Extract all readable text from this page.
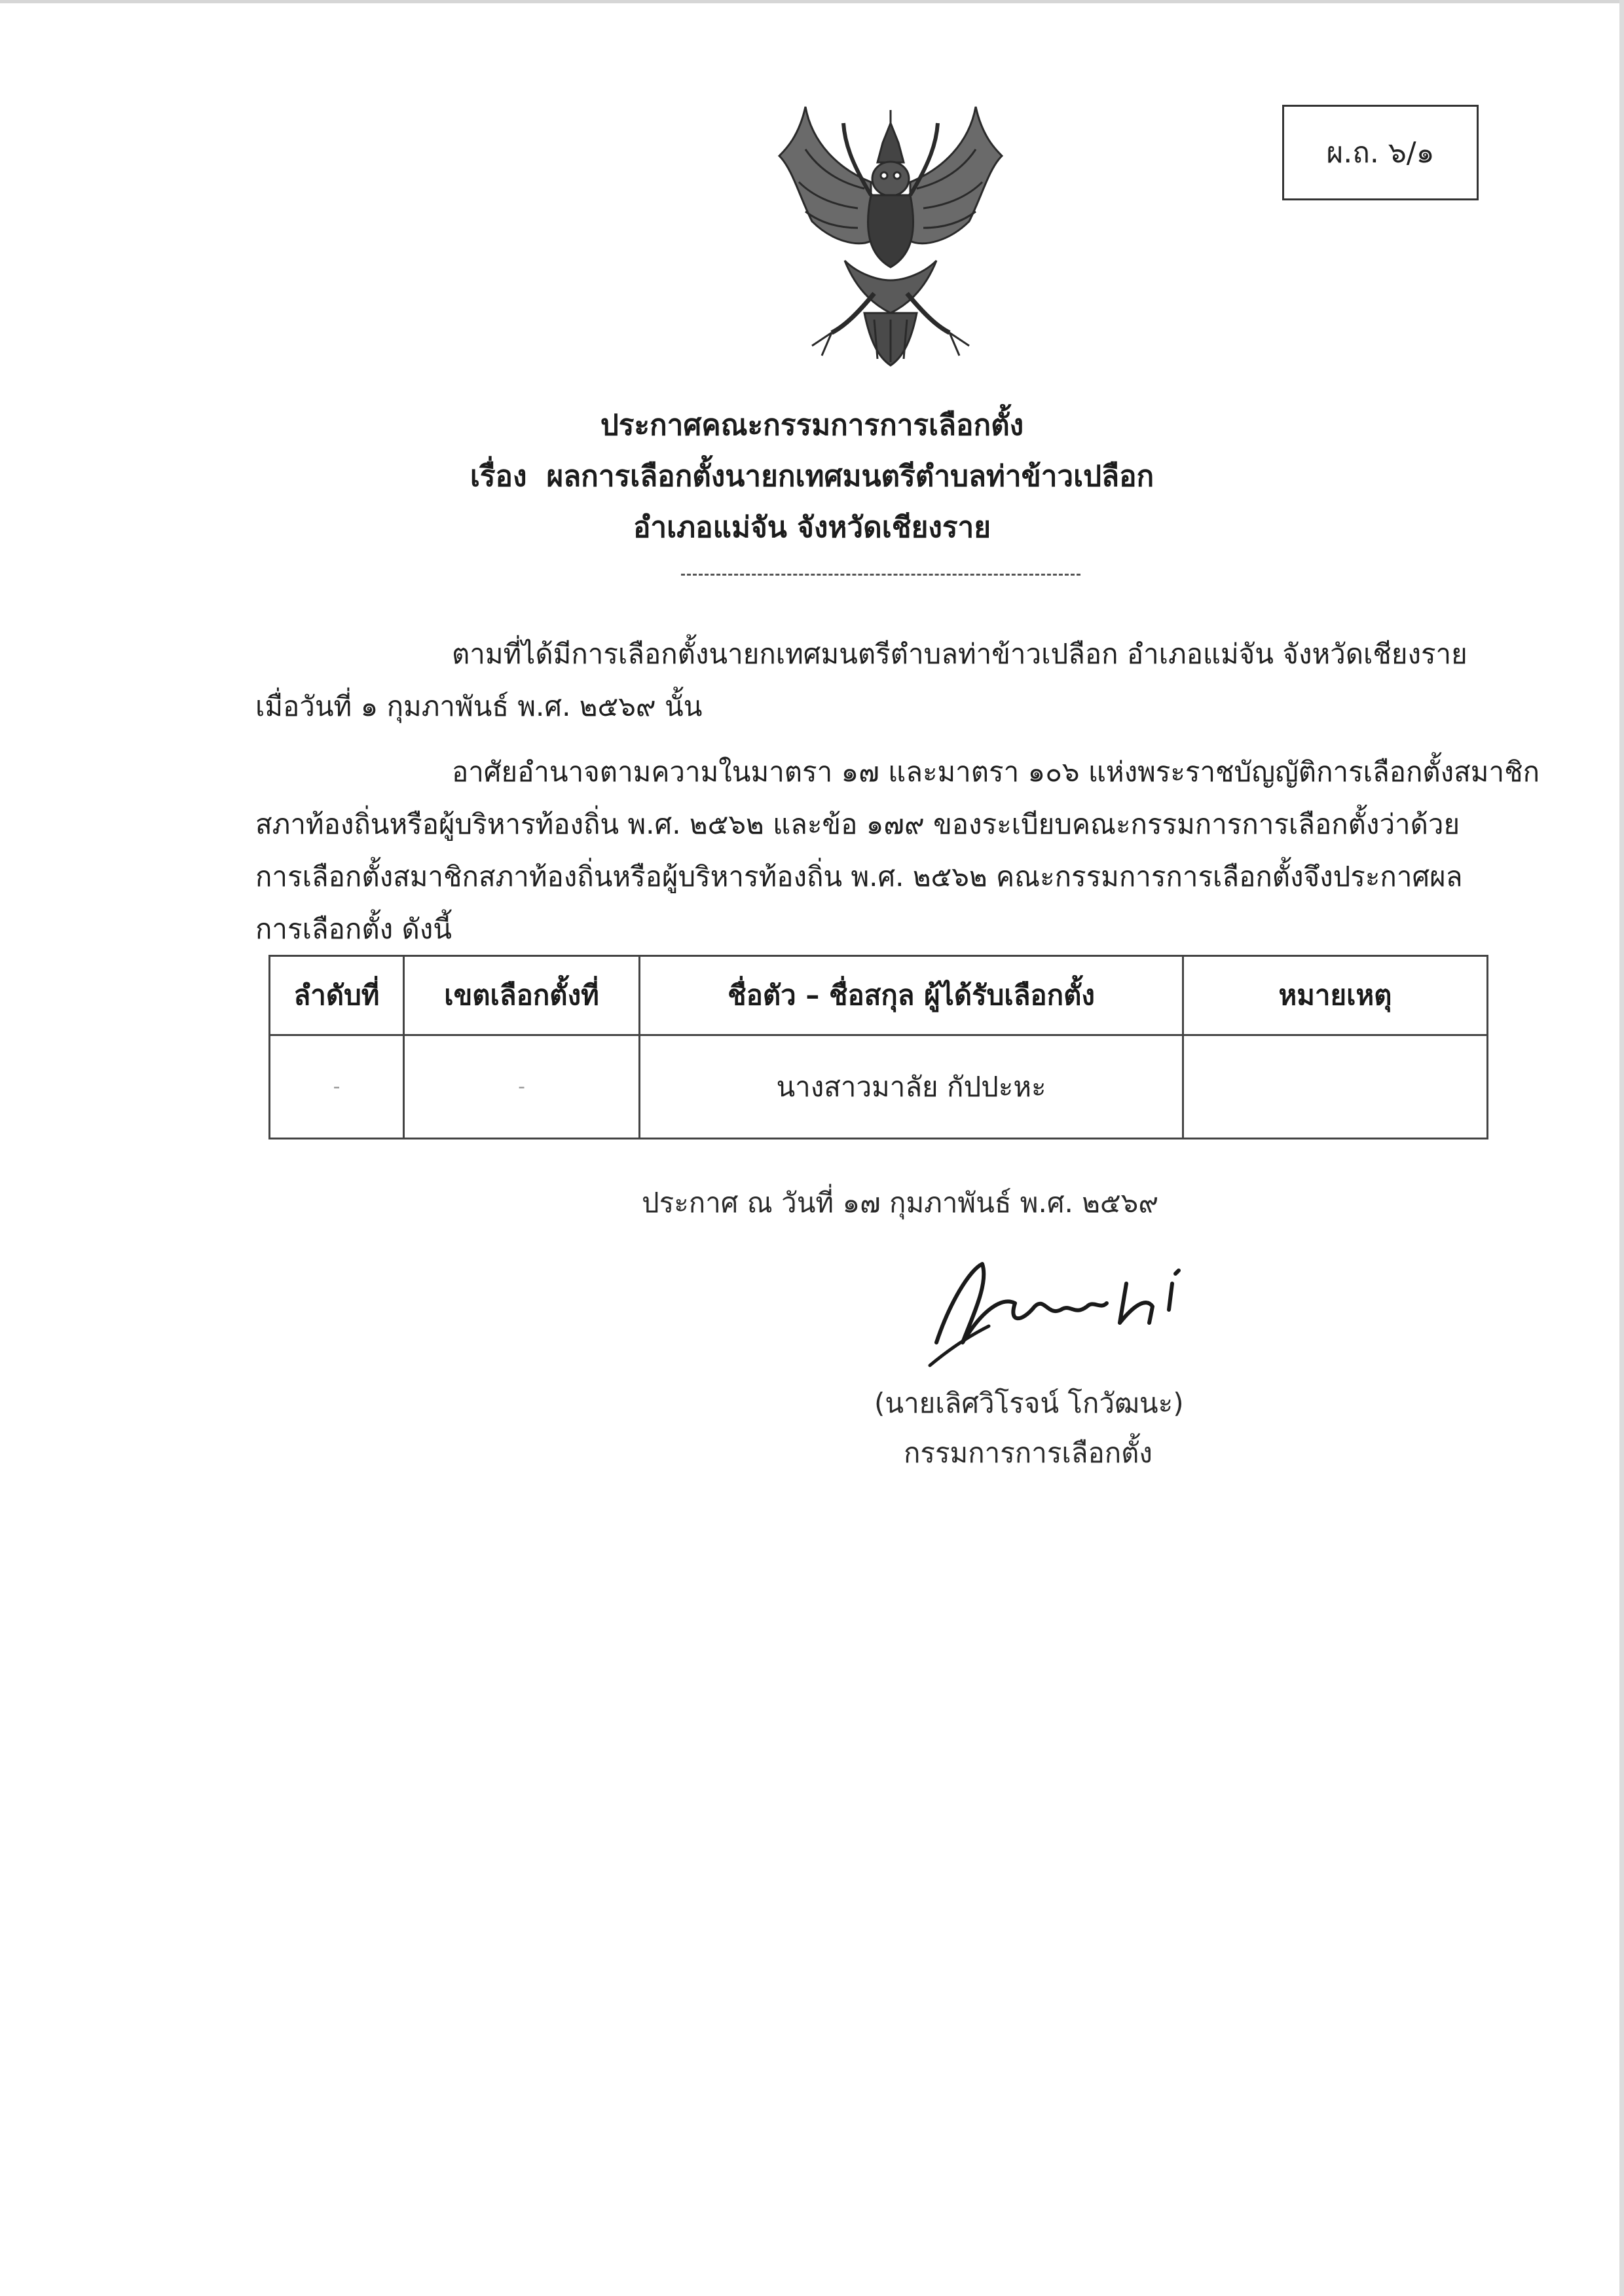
ผ.ถ. ๖/๑
ประกาศคณะกรรมการการเลือกตั้ง
เรื่อง ผลการเลือกตั้งนายกเทศมนตรีตำบลท่าข้าวเปลือก
อำเภอแม่จัน จังหวัดเชียงราย
ตามที่ได้มีการเลือกตั้งนายกเทศมนตรีตำบลท่าข้าวเปลือก อำเภอแม่จัน จังหวัดเชียงราย
เมื่อวันที่ ๑ กุมภาพันธ์ พ.ศ. ๒๕๖๙ นั้น
อาศัยอำนาจตามความในมาตรา ๑๗ และมาตรา ๑๐๖ แห่งพระราชบัญญัติการเลือกตั้งสมาชิก
สภาท้องถิ่นหรือผู้บริหารท้องถิ่น พ.ศ. ๒๕๖๒ และข้อ ๑๗๙ ของระเบียบคณะกรรมการการเลือกตั้งว่าด้วย
การเลือกตั้งสมาชิกสภาท้องถิ่นหรือผู้บริหารท้องถิ่น พ.ศ. ๒๕๖๒ คณะกรรมการการเลือกตั้งจึงประกาศผล
การเลือกตั้ง ดังนี้
ลำดับที่	เขตเลือกตั้งที่	ชื่อตัว – ชื่อสกุล ผู้ได้รับเลือกตั้ง	หมายเหตุ
-	-	นางสาวมาลัย กัปปะหะ	
ประกาศ ณ วันที่ ๑๗ กุมภาพันธ์ พ.ศ. ๒๕๖๙
(นายเลิศวิโรจน์ โกวัฒนะ)
กรรมการการเลือกตั้ง
